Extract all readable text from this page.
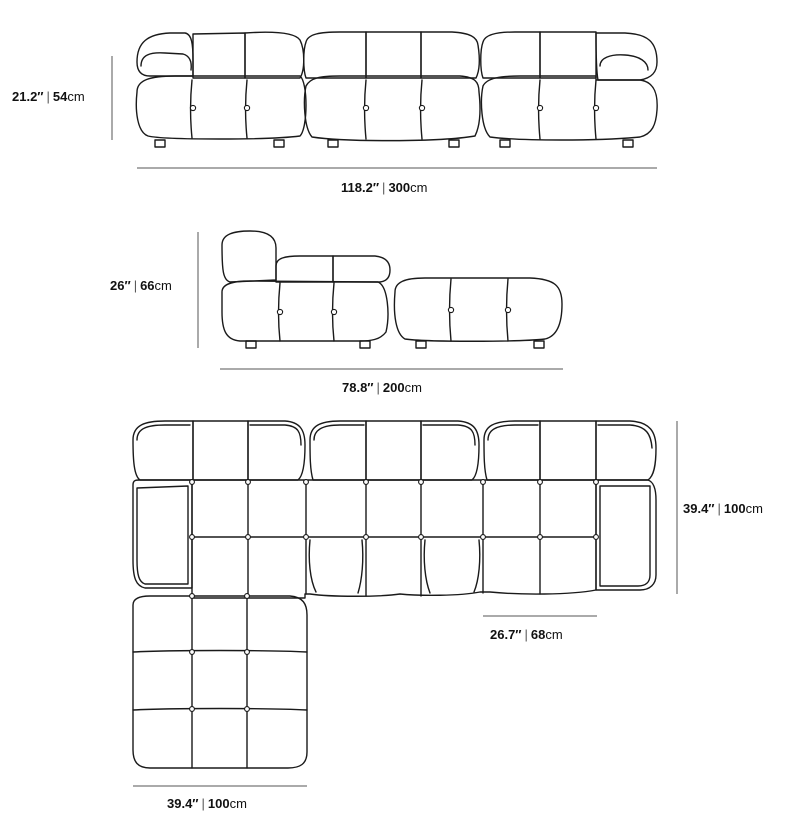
21.2″ | 54cm
118.2″ | 300cm
26″ | 66cm
78.8″ | 200cm
39.4″ | 100cm
26.7″ | 68cm
39.4″ | 100cm
